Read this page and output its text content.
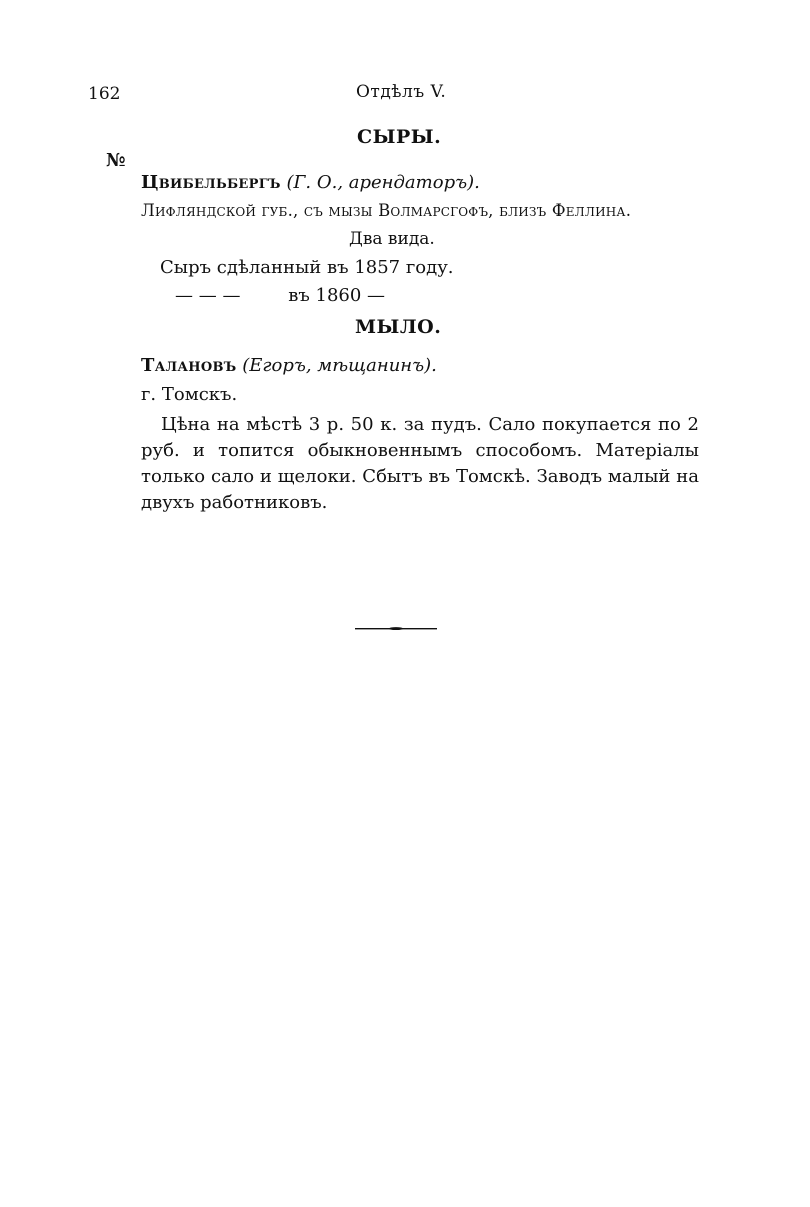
162	Отдѣлъ V.
СЫРЫ.
№
Цвибельбергъ (Г. О., арендаторъ).
Лифляндской губ., съ мызы Волмарсгофъ, близъ Феллина.
Два вида.
Сыръ сдѣланный въ 1857 году.
— — —	въ 1860 —
МЫЛО.
Талановъ (Егоръ, мѣщанинъ).
г. Томскъ.
Цѣна на мѣстѣ 3 р. 50 к. за пудъ. Сало покупается по 2 руб. и топится обыкновеннымъ способомъ. Матеріалы только сало и щелоки. Сбытъ въ Томскѣ. Заводъ малый на двухъ работниковъ.
